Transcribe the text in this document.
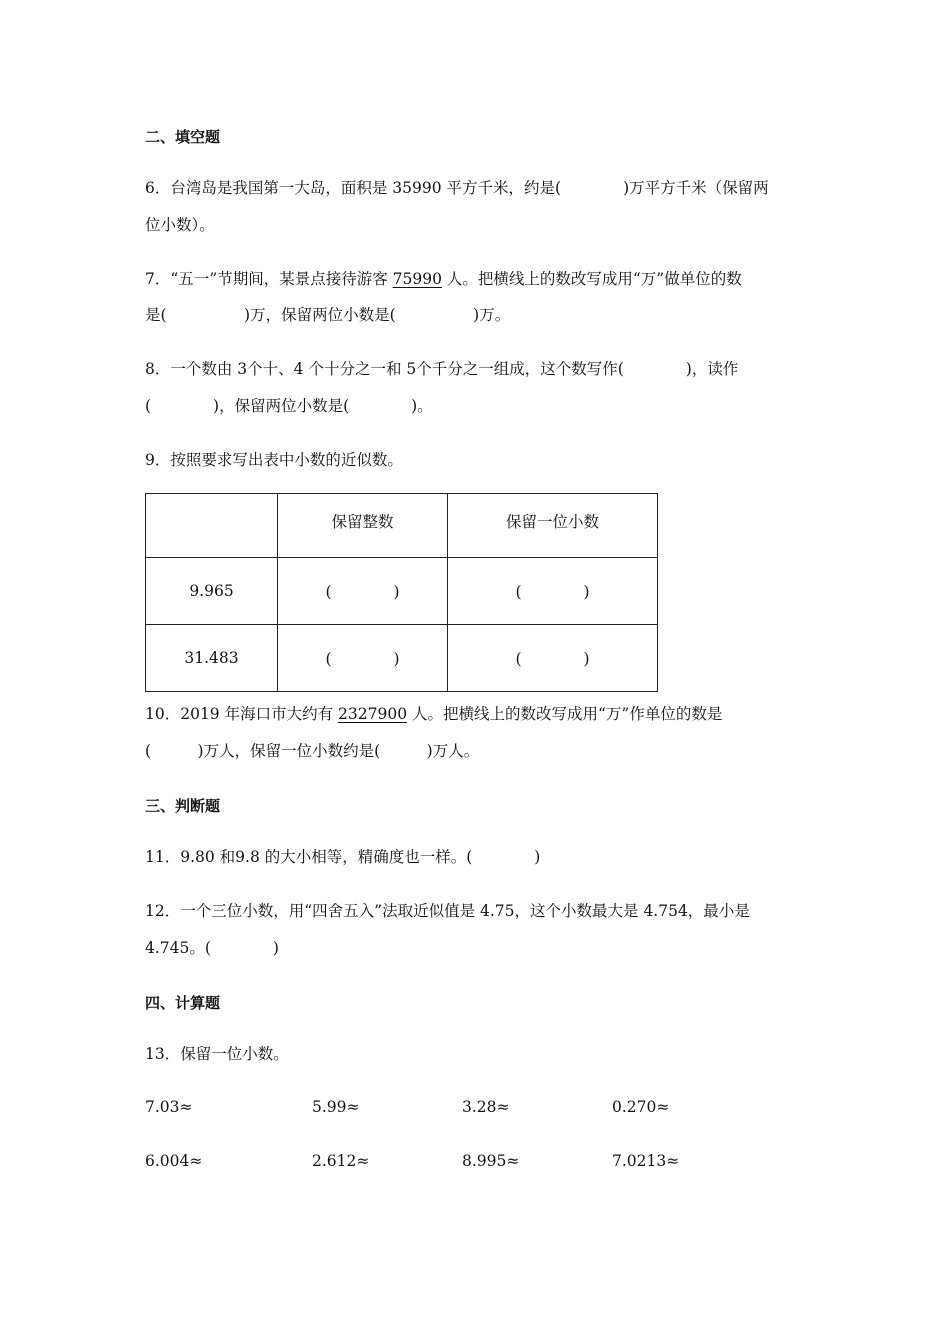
二、填空题
6．台湾岛是我国第一大岛，面积是 35990 平方千米，约是(　　　　)万平方千米（保留两
位小数）。
7．“五一”节期间，某景点接待游客 75990 人。把横线上的数改写成用“万”做单位的数
是(　　　　　)万，保留两位小数是(　　　　　)万。
8．一个数由 3个十、4 个十分之一和 5个千分之一组成，这个数写作(　　　　)，读作
(　　　　)，保留两位小数是(　　　　)。
9．按照要求写出表中小数的近似数。
	保留整数	保留一位小数
9.965	(　　　　)	(　　　　)
31.483	(　　　　)	(　　　　)
10．2019 年海口市大约有 2327900 人。把横线上的数改写成用“万”作单位的数是
(　　　)万人，保留一位小数约是(　　　)万人。
三、判断题
11．9.80 和9.8 的大小相等，精确度也一样。(　　　　)
12．一个三位小数，用“四舍五入”法取近似值是 4.75，这个小数最大是 4.754，最小是
4.745。(　　　　)
四、计算题
13．保留一位小数。
7.03≈	5.99≈	3.28≈	0.270≈
6.004≈	2.612≈	8.995≈	7.0213≈
